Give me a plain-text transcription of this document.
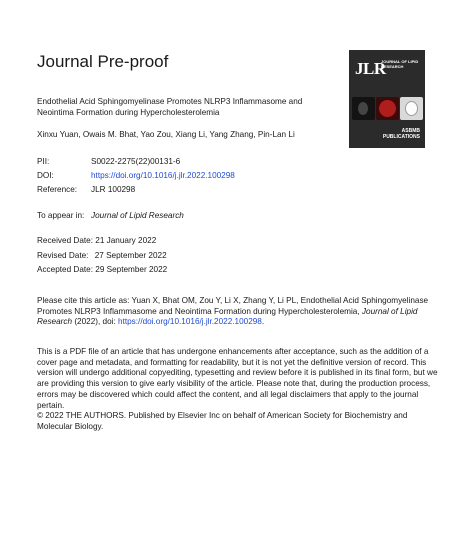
Journal Pre-proof	JLR
JOURNAL OF LIPID RESEARCH
ASBMB
PUBLICATIONS
Endothelial Acid Sphingomyelinase Promotes NLRP3 Inflammasome and Neointima Formation during Hypercholesterolemia
Xinxu Yuan, Owais M. Bhat, Yao Zou, Xiang Li, Yang Zhang, Pin-Lan Li
PII:	S0022-2275(22)00131-6
DOI:	https://doi.org/10.1016/j.jlr.2022.100298
Reference: JLR 100298
To appear in: Journal of Lipid Research
Received Date: 21 January 2022
Revised Date: 27 September 2022
Accepted Date: 29 September 2022
Please cite this article as: Yuan X, Bhat OM, Zou Y, Li X, Zhang Y, Li PL, Endothelial Acid Sphingomyelinase Promotes NLRP3 Inflammasome and Neointima Formation during Hypercholesterolemia, Journal of Lipid Research (2022), doi: https://doi.org/10.1016/j.jlr.2022.100298.
This is a PDF file of an article that has undergone enhancements after acceptance, such as the addition of a cover page and metadata, and formatting for readability, but it is not yet the definitive version of record. This version will undergo additional copyediting, typesetting and review before it is published in its final form, but we are providing this version to give early visibility of the article. Please note that, during the production process, errors may be discovered which could affect the content, and all legal disclaimers that apply to the journal pertain.
© 2022 THE AUTHORS. Published by Elsevier Inc on behalf of American Society for Biochemistry and Molecular Biology.
